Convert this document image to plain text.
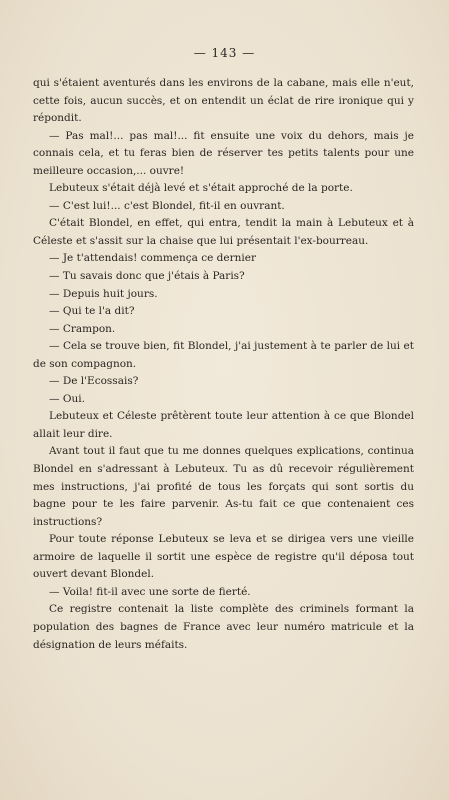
— 143 —

qui s'étaient aventurés dans les environs de la cabane, mais elle n'eut, cette fois, aucun succès, et on entendit un éclat de rire ironique qui y répondit.

— Pas mal!... pas mal!... fit ensuite une voix du dehors, mais je connais cela, et tu feras bien de réserver tes petits talents pour une meilleure occasion,... ouvre!

Lebuteux s'était déjà levé et s'était approché de la porte.

— C'est lui!... c'est Blondel, fit-il en ouvrant.

C'était Blondel, en effet, qui entra, tendit la main à Lebuteux et à Céleste et s'assit sur la chaise que lui présentait l'ex-bourreau.

— Je t'attendais! commença ce dernier

— Tu savais donc que j'étais à Paris?

— Depuis huit jours.

— Qui te l'a dit?

— Crampon.

— Cela se trouve bien, fit Blondel, j'ai justement à te parler de lui et de son compagnon.

— De l'Ecossais?

— Oui.

Lebuteux et Céleste prêtèrent toute leur attention à ce que Blondel allait leur dire.

Avant tout il faut que tu me donnes quelques explications, continua Blondel en s'adressant à Lebuteux. Tu as dû recevoir régulièrement mes instructions, j'ai profité de tous les forçats qui sont sortis du bagne pour te les faire parvenir. As-tu fait ce que contenaient ces instructions?

Pour toute réponse Lebuteux se leva et se dirigea vers une vieille armoire de laquelle il sortit une espèce de registre qu'il déposa tout ouvert devant Blondel.

— Voila! fit-il avec une sorte de fierté.

Ce registre contenait la liste complète des criminels formant la population des bagnes de France avec leur numéro matricule et la désignation de leurs méfaits.
